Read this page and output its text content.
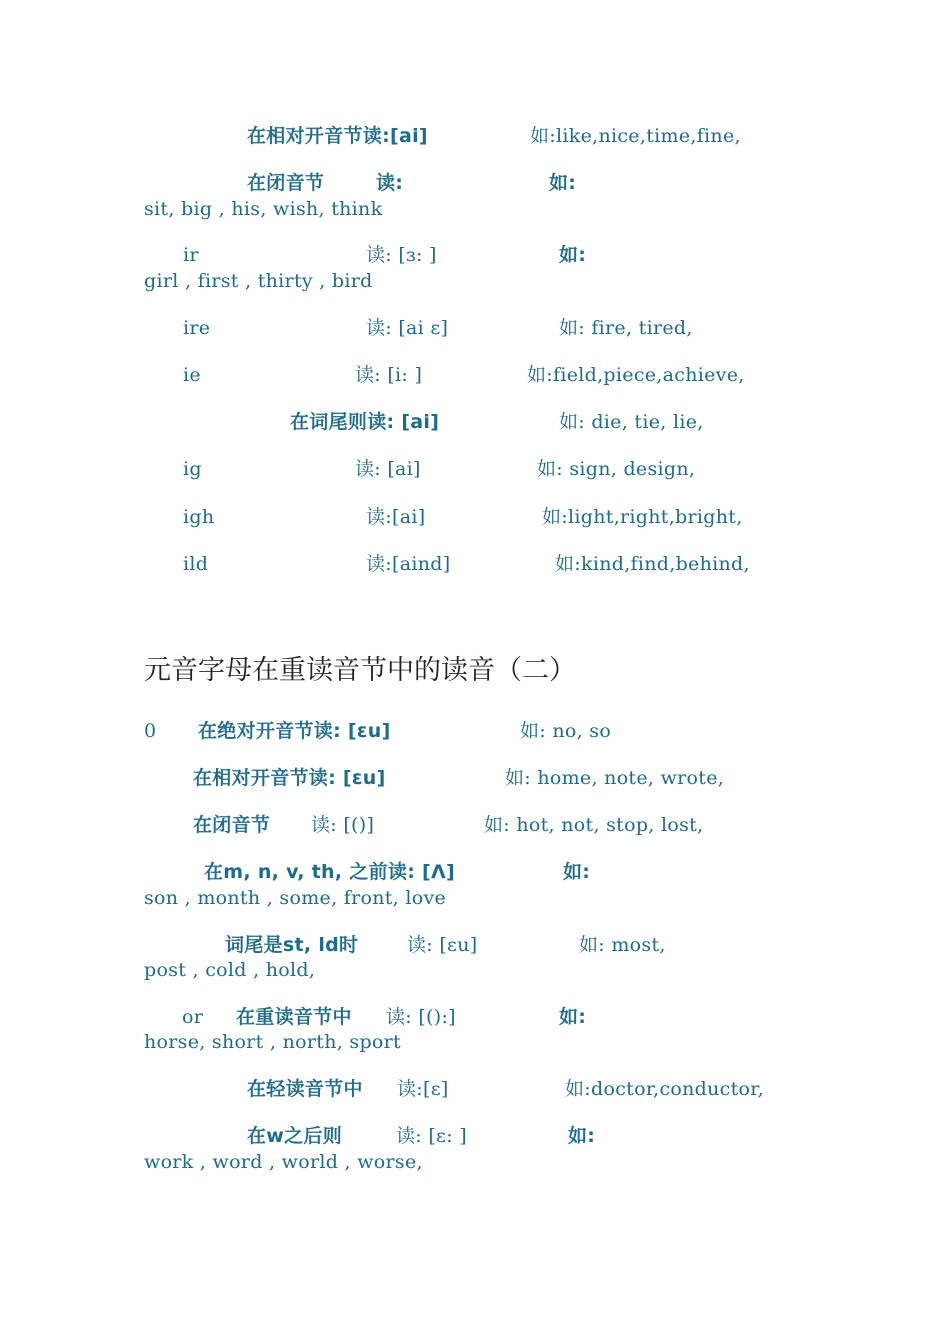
在相对开音节读:[ai]	如:like,nice,time,fine,
在闭音节	读:	如:
sit, big , his, wish, think
ir	读: [ɜ: ]	如:
girl , first , thirty , bird
ire	读: [ai ɛ]	如: fire, tired,
ie	读: [i: ]	如:field,piece,achieve,
在词尾则读: [ai]	如: die, tie, lie,
ig	读: [ai]	如: sign, design,
igh	读:[ai]	如:light,right,bright,
ild	读:[aind]	如:kind,find,behind,
元音字母在重读音节中的读音（二）
0 在绝对开音节读: [ɛu]	如: no, so
在相对开音节读: [ɛu]	如: home, note, wrote,
在闭音节 读: [()]	如: hot, not, stop, lost,
在m, n, v, th, 之前读: [Λ]	如:
son , month , some, front, love
词尾是st, ld时	读: [ɛu]	如: most,
post , cold , hold,
or 在重读音节中 读: [():]	如:
horse, short , north, sport
在轻读音节中 读:[ɛ]	如:doctor,conductor,
在w之后则	读: [ɛ: ]	如:
work , word , world , worse,
